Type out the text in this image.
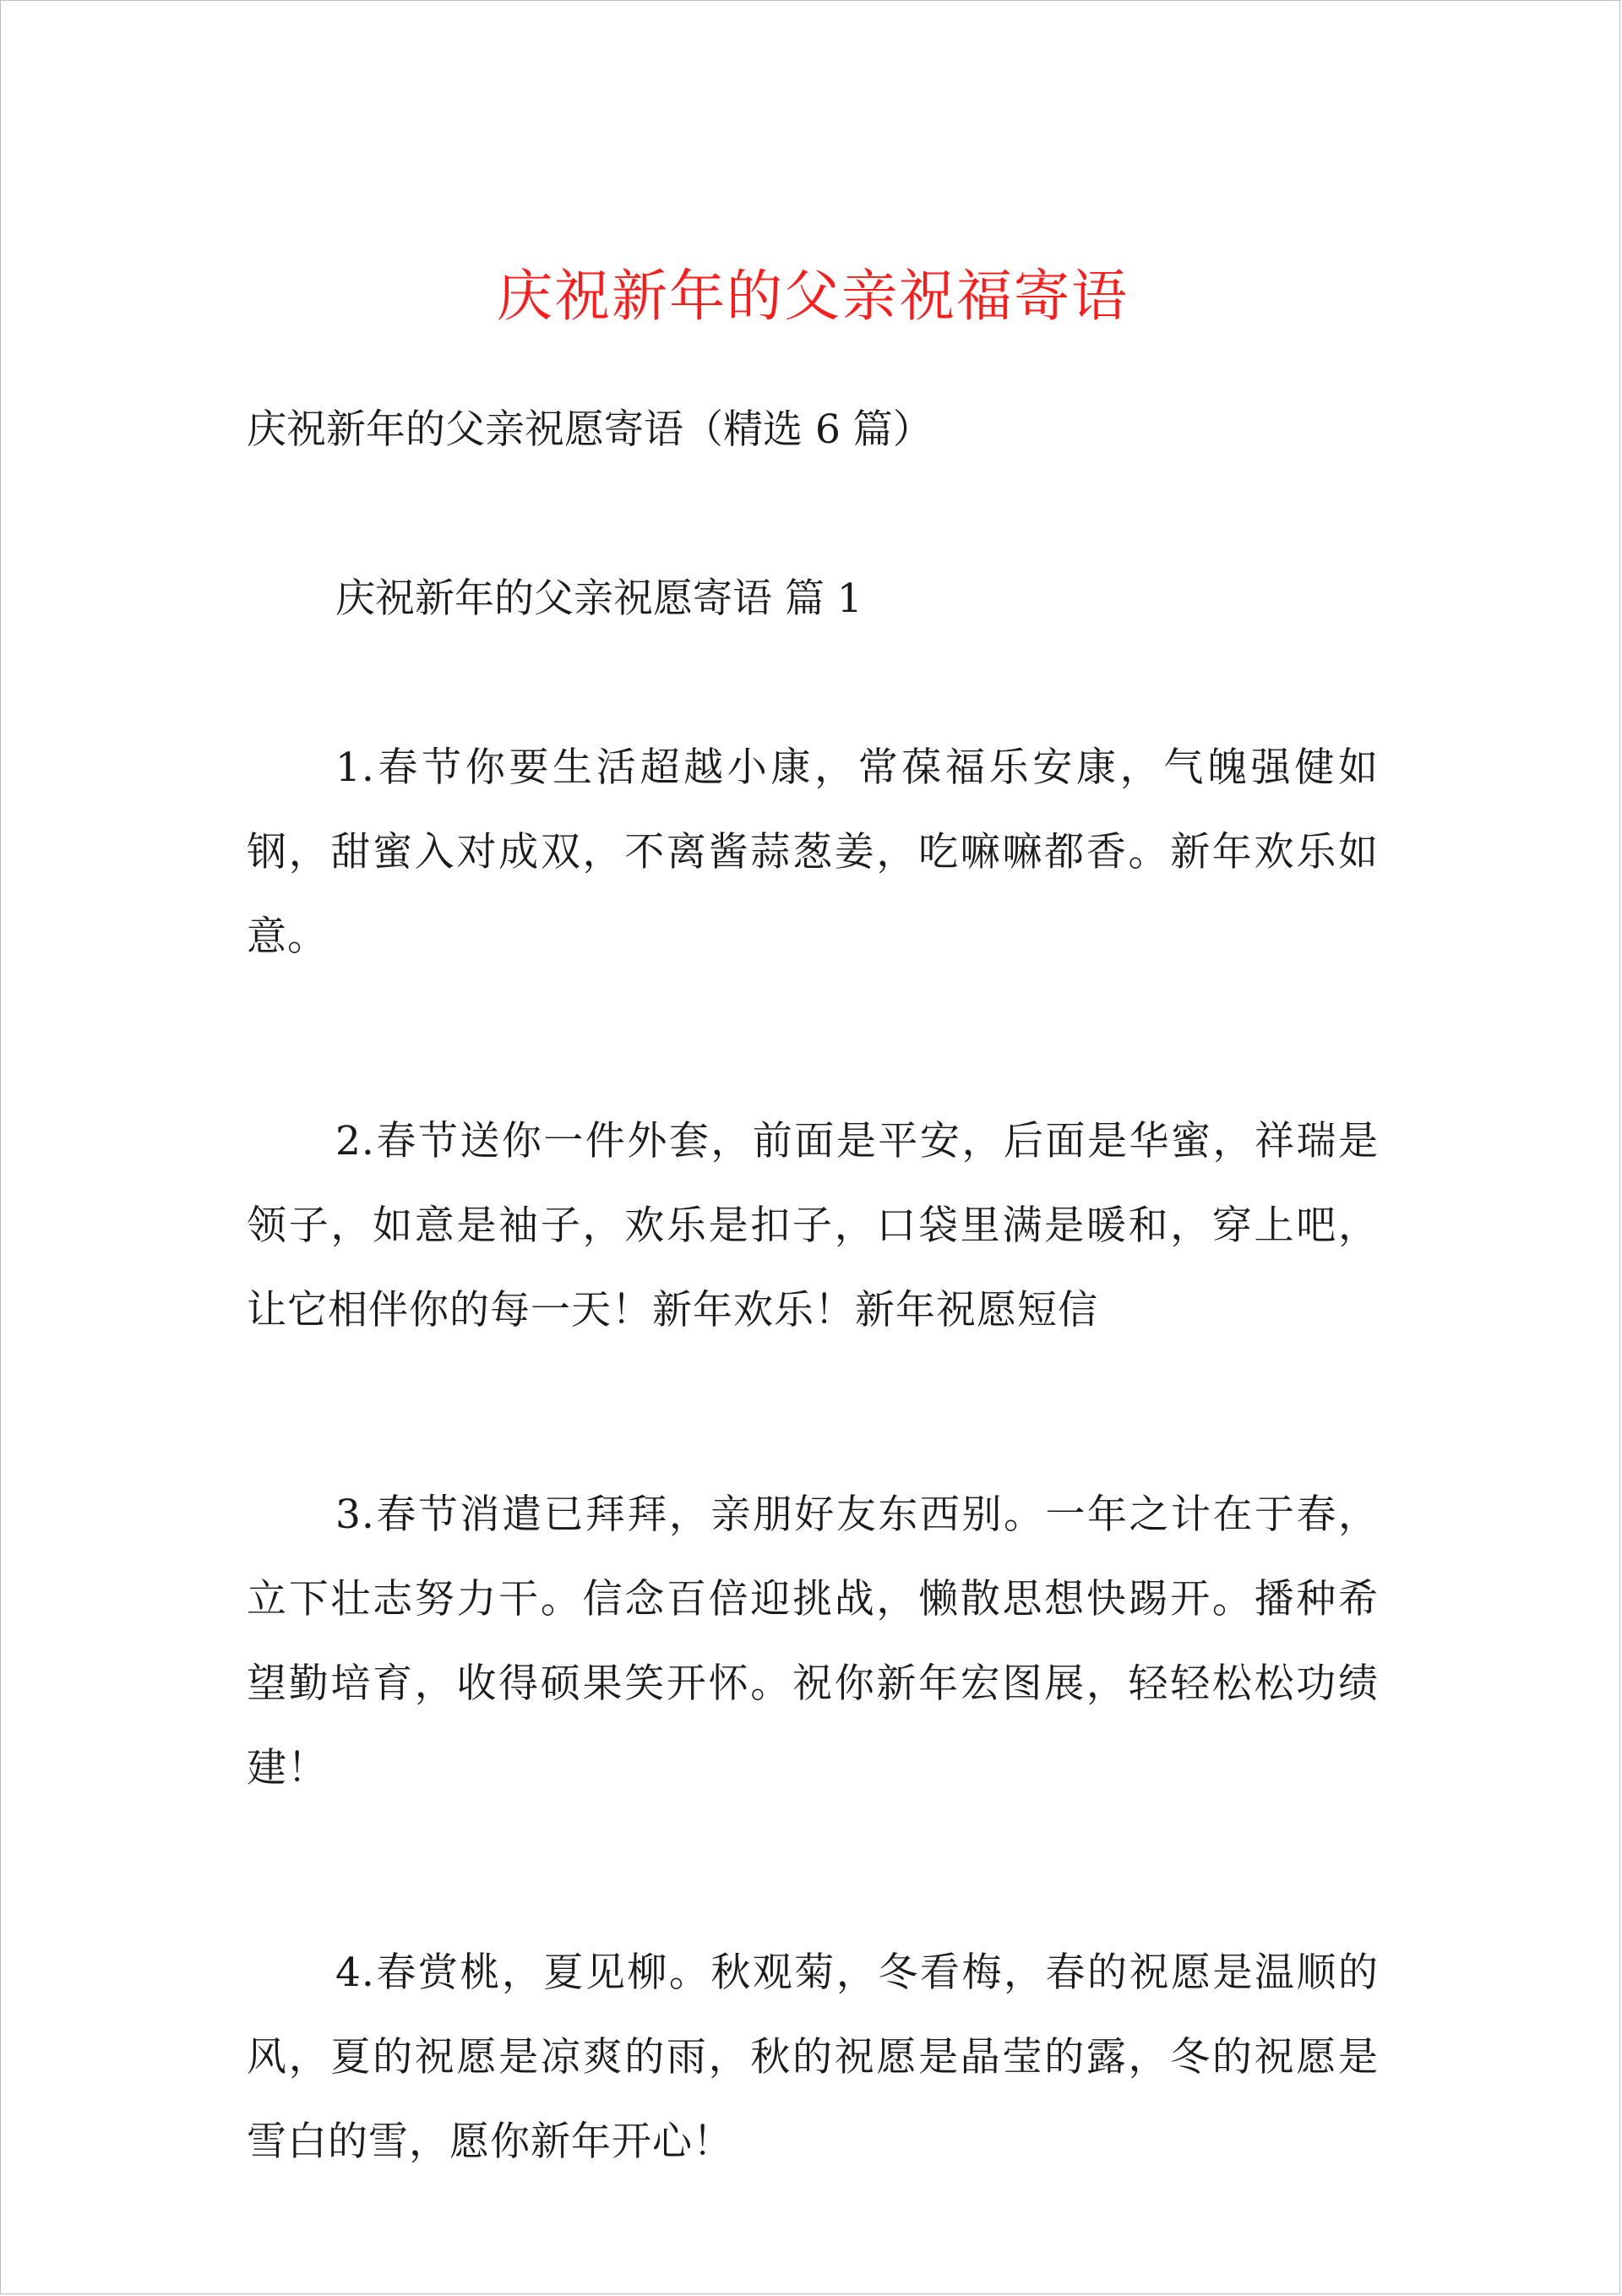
庆祝新年的父亲祝福寄语

庆祝新年的父亲祝愿寄语（精选 6 篇）

庆祝新年的父亲祝愿寄语 篇 1

1.春节你要生活超越小康，常葆福乐安康，气魄强健如钢，甜蜜入对成双，不离酱蒜葱姜，吃嘛嘛都香。新年欢乐如意。

2.春节送你一件外套，前面是平安，后面是华蜜，祥瑞是领子，如意是袖子，欢乐是扣子，口袋里满是暖和，穿上吧，让它相伴你的每一天！新年欢乐！新年祝愿短信

3.春节消遣已拜拜，亲朋好友东西别。一年之计在于春，立下壮志努力干。信念百倍迎挑战，懒散思想快踢开。播种希望勤培育，收得硕果笑开怀。祝你新年宏图展，轻轻松松功绩建！

4.春赏桃，夏见柳。秋观菊，冬看梅，春的祝愿是温顺的风，夏的祝愿是凉爽的雨，秋的祝愿是晶莹的露，冬的祝愿是雪白的雪，愿你新年开心！
